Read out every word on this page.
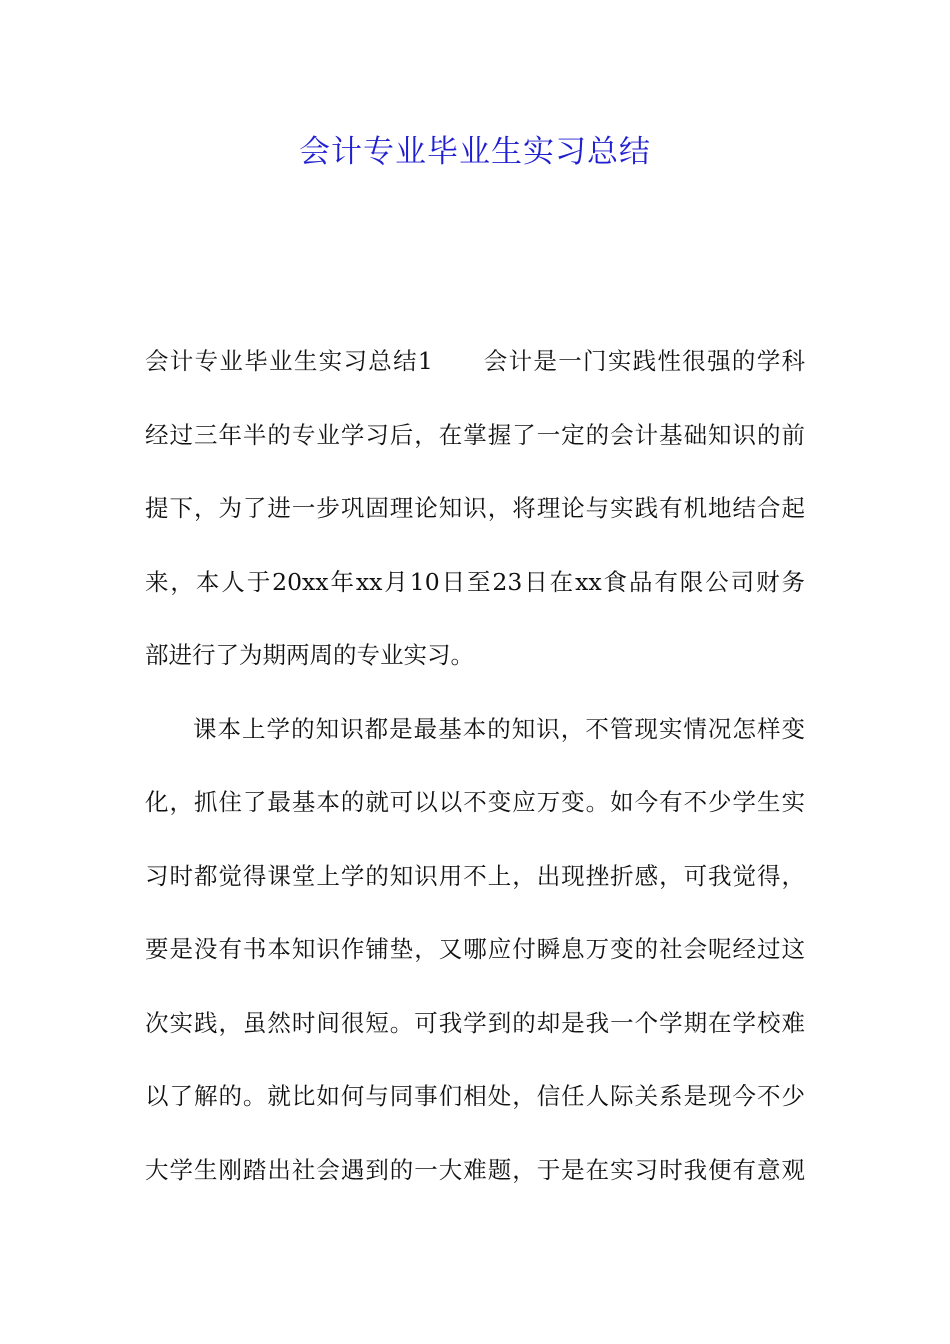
会计专业毕业生实习总结
会计专业毕业生实习总结1　　会计是一门实践性很强的学科
经过三年半的专业学习后，在掌握了一定的会计基础知识的前
提下，为了进一步巩固理论知识，将理论与实践有机地结合起
来，本人于20xx年xx月10日至23日在xx食品有限公司财务
部进行了为期两周的专业实习。
课本上学的知识都是最基本的知识，不管现实情况怎样变
化，抓住了最基本的就可以以不变应万变。如今有不少学生实
习时都觉得课堂上学的知识用不上，出现挫折感，可我觉得，
要是没有书本知识作铺垫，又哪应付瞬息万变的社会呢经过这
次实践，虽然时间很短。可我学到的却是我一个学期在学校难
以了解的。就比如何与同事们相处，信任人际关系是现今不少
大学生刚踏出社会遇到的一大难题，于是在实习时我便有意观
